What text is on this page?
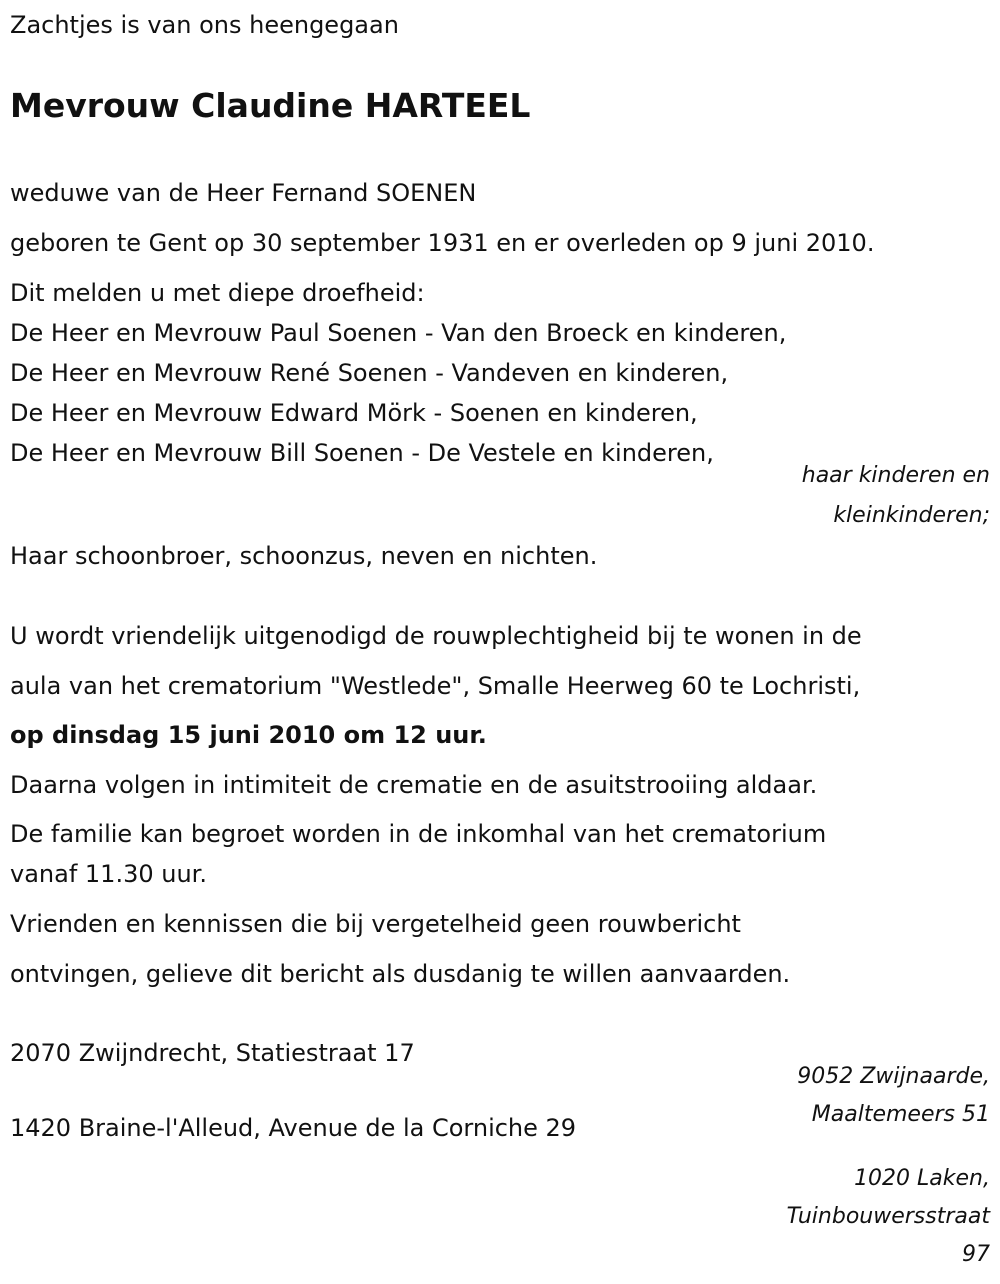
Zachtjes is van ons heengegaan

Mevrouw Claudine HARTEEL

weduwe van de Heer Fernand SOENEN

geboren te Gent op 30 september 1931 en er overleden op 9 juni 2010.

Dit melden u met diepe droefheid:

De Heer en Mevrouw Paul Soenen - Van den Broeck en kinderen,

De Heer en Mevrouw René Soenen - Vandeven en kinderen,

De Heer en Mevrouw Edward Mörk - Soenen en kinderen,

De Heer en Mevrouw Bill Soenen - De Vestele en kinderen,

haar kinderen en
kleinkinderen;

Haar schoonbroer, schoonzus, neven en nichten.

U wordt vriendelijk uitgenodigd de rouwplechtigheid bij te wonen in de

aula van het crematorium "Westlede", Smalle Heerweg 60 te Lochristi,

op dinsdag 15 juni 2010 om 12 uur.

Daarna volgen in intimiteit de crematie en de asuitstrooiing aldaar.

De familie kan begroet worden in de inkomhal van het crematorium

vanaf 11.30 uur.

Vrienden en kennissen die bij vergetelheid geen rouwbericht

ontvingen, gelieve dit bericht als dusdanig te willen aanvaarden.

2070 Zwijndrecht, Statiestraat 17

1420 Braine-l'Alleud, Avenue de la Corniche 29

9052 Zwijnaarde,
Maaltemeers 51

1020 Laken,
Tuinbouwersstraat
97
